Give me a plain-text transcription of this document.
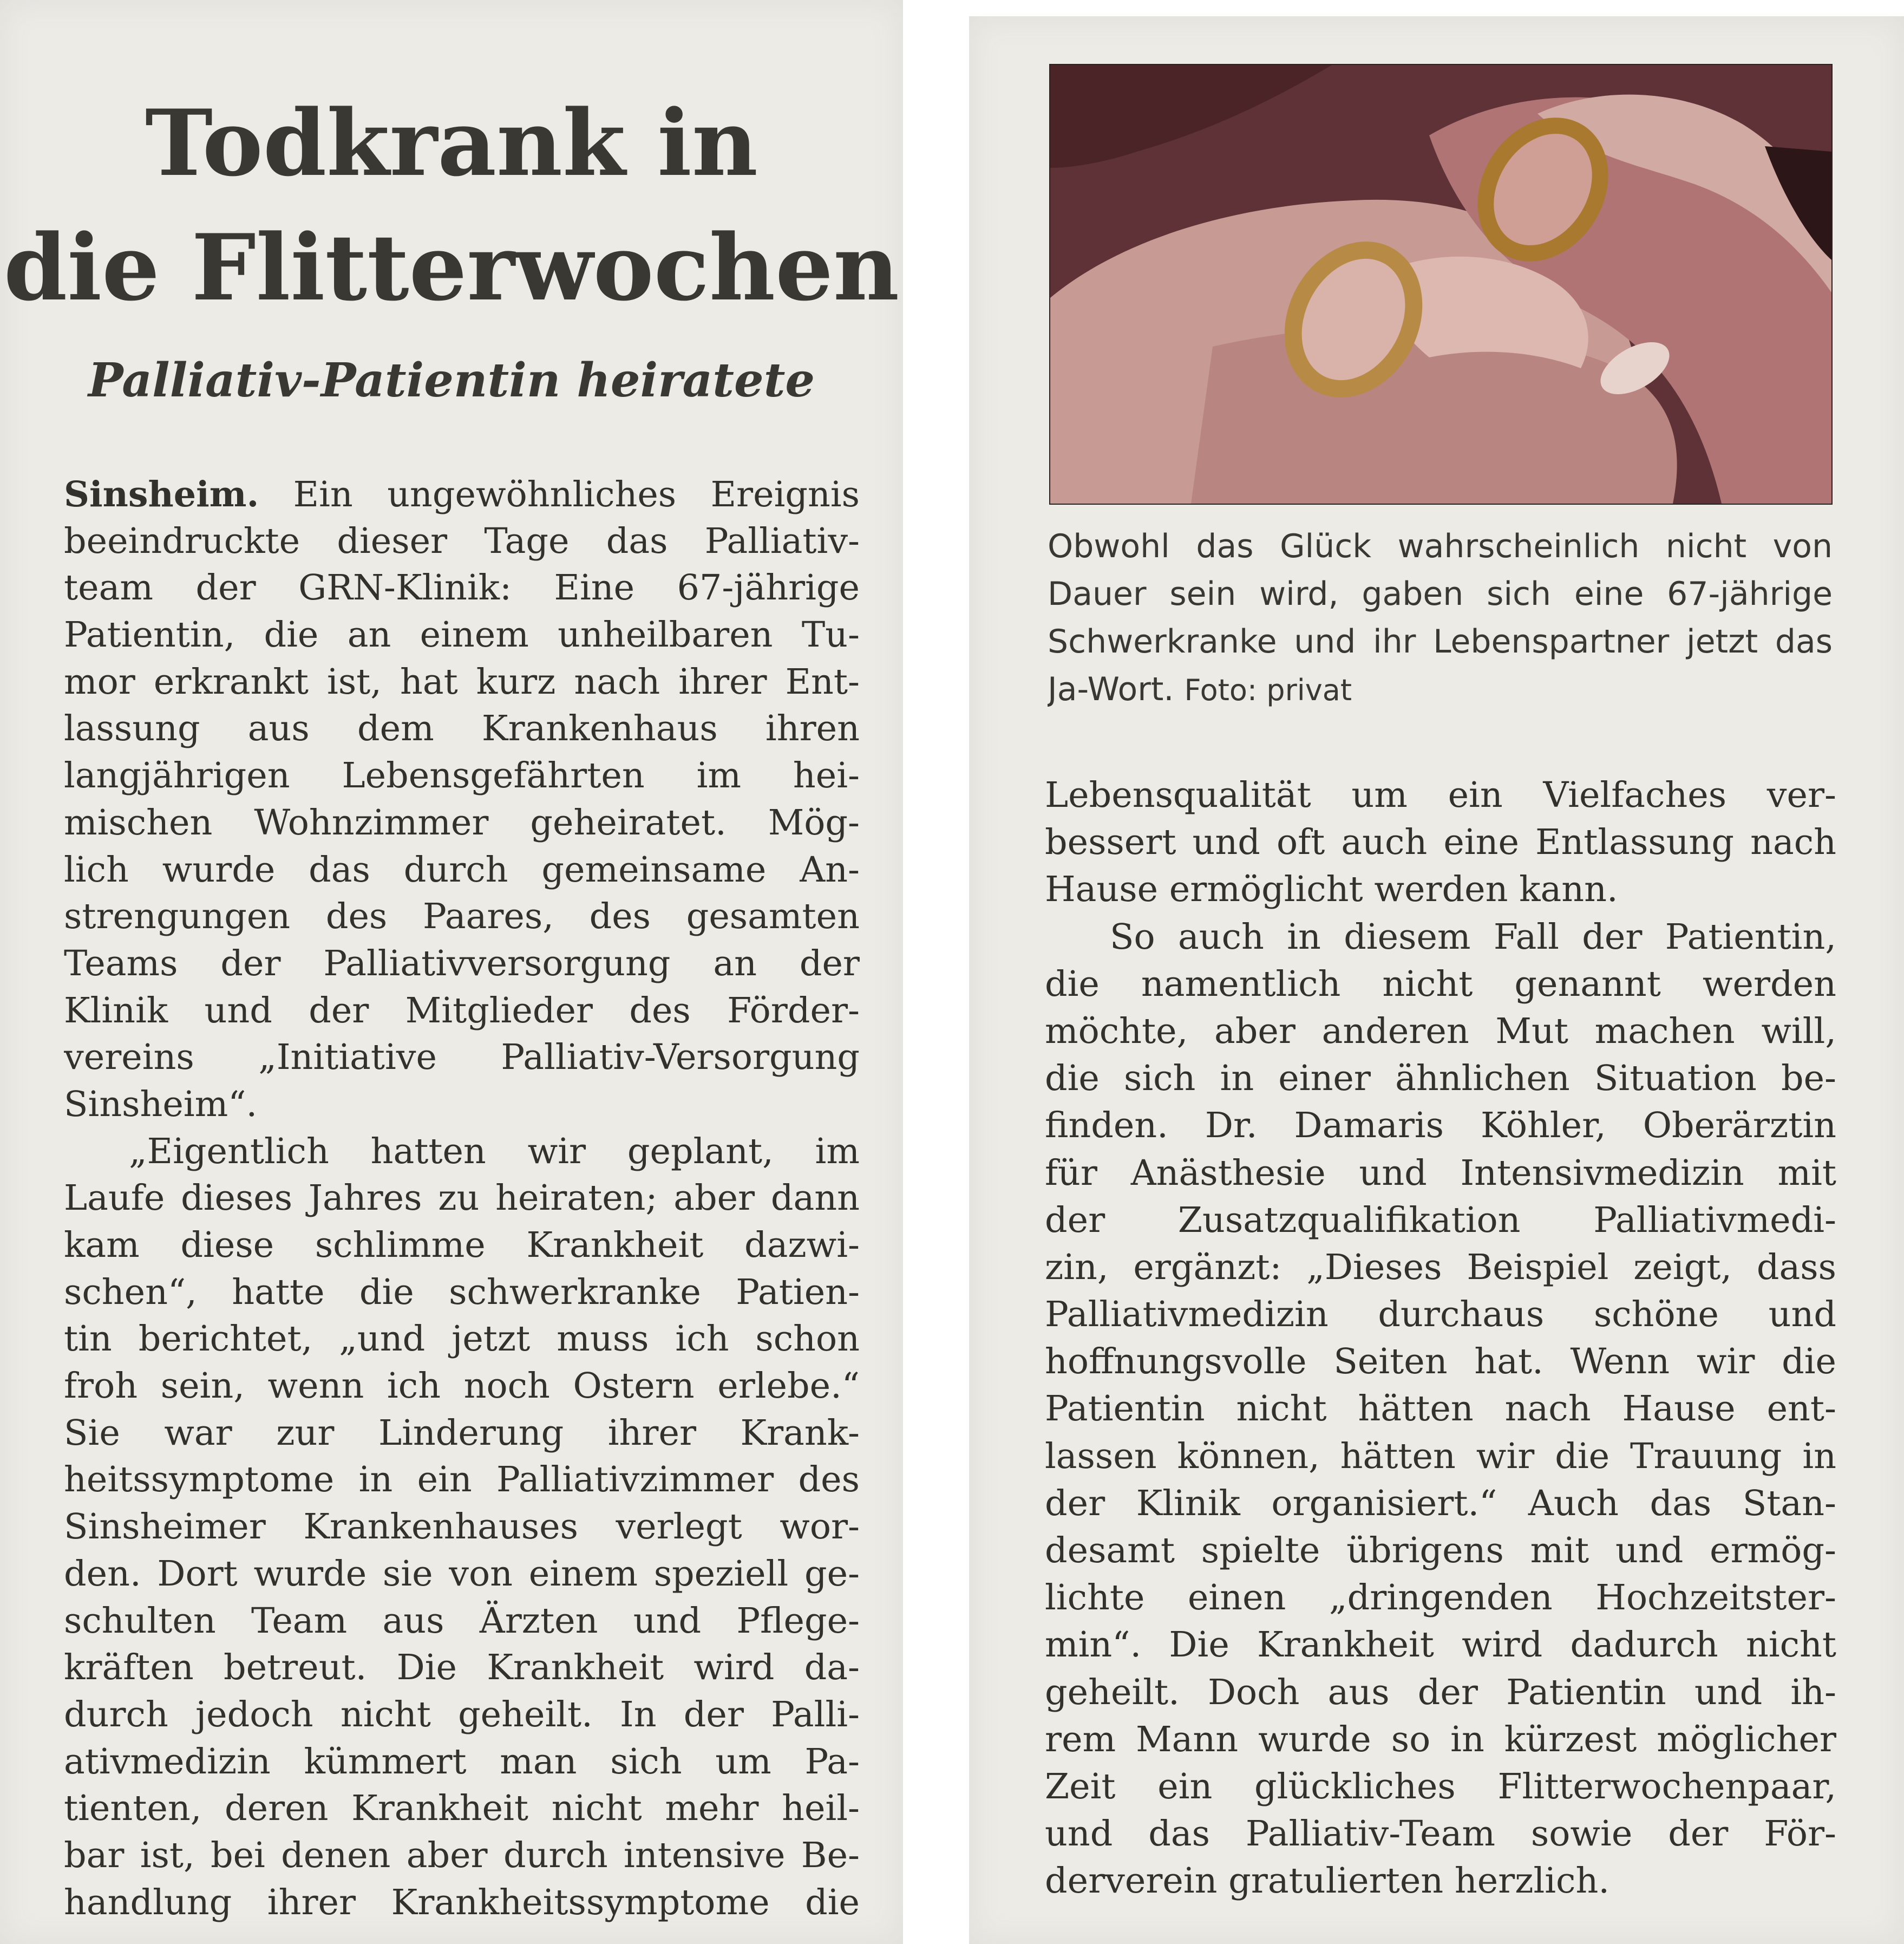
Todkrank in
die Flitterwochen
Palliativ-Patientin heiratete
Sinsheim. Ein ungewöhnliches Ereignis
beeindruckte dieser Tage das Palliativ-
team der GRN-Klinik: Eine 67-jährige
Patientin, die an einem unheilbaren Tu-
mor erkrankt ist, hat kurz nach ihrer Ent-
lassung aus dem Krankenhaus ihren
langjährigen Lebensgefährten im hei-
mischen Wohnzimmer geheiratet. Mög-
lich wurde das durch gemeinsame An-
strengungen des Paares, des gesamten
Teams der Palliativversorgung an der
Klinik und der Mitglieder des Förder-
vereins „Initiative Palliativ-Versorgung
Sinsheim“.
„Eigentlich hatten wir geplant, im
Laufe dieses Jahres zu heiraten; aber dann
kam diese schlimme Krankheit dazwi-
schen“, hatte die schwerkranke Patien-
tin berichtet, „und jetzt muss ich schon
froh sein, wenn ich noch Ostern erlebe.“
Sie war zur Linderung ihrer Krank-
heitssymptome in ein Palliativzimmer des
Sinsheimer Krankenhauses verlegt wor-
den. Dort wurde sie von einem speziell ge-
schulten Team aus Ärzten und Pflege-
kräften betreut. Die Krankheit wird da-
durch jedoch nicht geheilt. In der Palli-
ativmedizin kümmert man sich um Pa-
tienten, deren Krankheit nicht mehr heil-
bar ist, bei denen aber durch intensive Be-
handlung ihrer Krankheitssymptome die
Obwohl das Glück wahrscheinlich nicht von
Dauer sein wird, gaben sich eine 67-jährige
Schwerkranke und ihr Lebenspartner jetzt das
Ja-Wort. Foto: privat
Lebensqualität um ein Vielfaches ver-
bessert und oft auch eine Entlassung nach
Hause ermöglicht werden kann.
So auch in diesem Fall der Patientin,
die namentlich nicht genannt werden
möchte, aber anderen Mut machen will,
die sich in einer ähnlichen Situation be-
finden. Dr. Damaris Köhler, Oberärztin
für Anästhesie und Intensivmedizin mit
der Zusatzqualifikation Palliativmedi-
zin, ergänzt: „Dieses Beispiel zeigt, dass
Palliativmedizin durchaus schöne und
hoffnungsvolle Seiten hat. Wenn wir die
Patientin nicht hätten nach Hause ent-
lassen können, hätten wir die Trauung in
der Klinik organisiert.“ Auch das Stan-
desamt spielte übrigens mit und ermög-
lichte einen „dringenden Hochzeitster-
min“. Die Krankheit wird dadurch nicht
geheilt. Doch aus der Patientin und ih-
rem Mann wurde so in kürzest möglicher
Zeit ein glückliches Flitterwochenpaar,
und das Palliativ-Team sowie der För-
derverein gratulierten herzlich.
